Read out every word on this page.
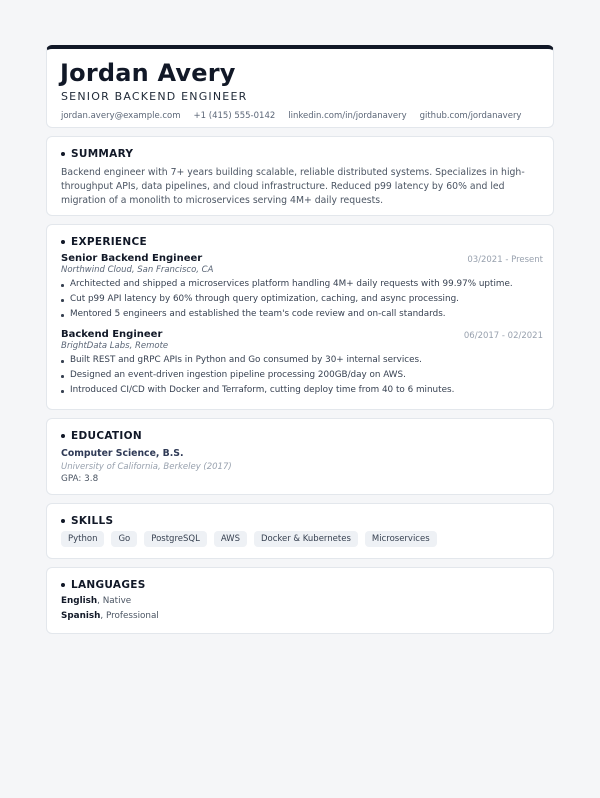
Jordan Avery
SENIOR BACKEND ENGINEER
jordan.avery@example.com +1 (415) 555-0142 linkedin.com/in/jordanavery github.com/jordanavery
SUMMARY
Backend engineer with 7+ years building scalable, reliable distributed systems. Specializes in high-throughput APIs, data pipelines, and cloud infrastructure. Reduced p99 latency by 60% and led migration of a monolith to microservices serving 4M+ daily requests.
EXPERIENCE
Senior Backend Engineer	03/2021 - Present
Northwind Cloud, San Francisco, CA
Architected and shipped a microservices platform handling 4M+ daily requests with 99.97% uptime.
Cut p99 API latency by 60% through query optimization, caching, and async processing.
Mentored 5 engineers and established the team's code review and on-call standards.
Backend Engineer	06/2017 - 02/2021
BrightData Labs, Remote
Built REST and gRPC APIs in Python and Go consumed by 30+ internal services.
Designed an event-driven ingestion pipeline processing 200GB/day on AWS.
Introduced CI/CD with Docker and Terraform, cutting deploy time from 40 to 6 minutes.
EDUCATION
Computer Science, B.S.
University of California, Berkeley (2017)
GPA: 3.8
SKILLS
Python	Go	PostgreSQL	AWS	Docker & Kubernetes	Microservices
LANGUAGES
English, Native
Spanish, Professional
